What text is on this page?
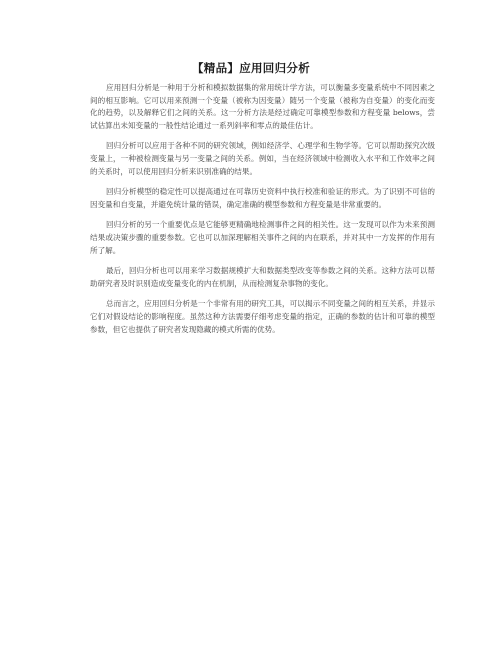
【精品】应用回归分析

应用回归分析是一种用于分析和模拟数据集的常用统计学方法，可以衡量多变量系统中不同因素之间的相互影响。它可以用来预测一个变量（被称为因变量）随另一个变量（被称为自变量）的变化而变化的趋势，以及解释它们之间的关系。这一分析方法是经过确定可靠模型参数和方程变量 belows，尝试估算出未知变量的一般性结论通过一系列斜率和零点的最佳估计。

回归分析可以应用于各种不同的研究领域，例如经济学、心理学和生物学等。它可以帮助探究次级变量上，一种被检测变量与另一变量之间的关系。例如，当在经济领域中检测收入水平和工作效率之间的关系时，可以使用回归分析来识别准确的结果。

回归分析模型的稳定性可以提高通过在可靠历史资料中执行校准和验证的形式。为了识别不可信的因变量和自变量，并避免统计量的错误，确定准确的模型参数和方程变量是非常重要的。

回归分析的另一个重要优点是它能够更精确地检测事件之间的相关性。这一发现可以作为未来预测结果或决策步骤的重要参数。它也可以加深理解相关事件之间的内在联系，并对其中一方发挥的作用有所了解。

最后，回归分析也可以用来学习数据规模扩大和数据类型改变等参数之间的关系。这种方法可以帮助研究者及时识别造成变量变化的内在机制，从而检测复杂事物的变化。

总而言之，应用回归分析是一个非常有用的研究工具，可以揭示不同变量之间的相互关系，并显示它们对假设结论的影响程度。虽然这种方法需要仔细考虑变量的指定，正确的参数的估计和可靠的模型参数，但它也提供了研究者发现隐藏的模式所需的优势。
